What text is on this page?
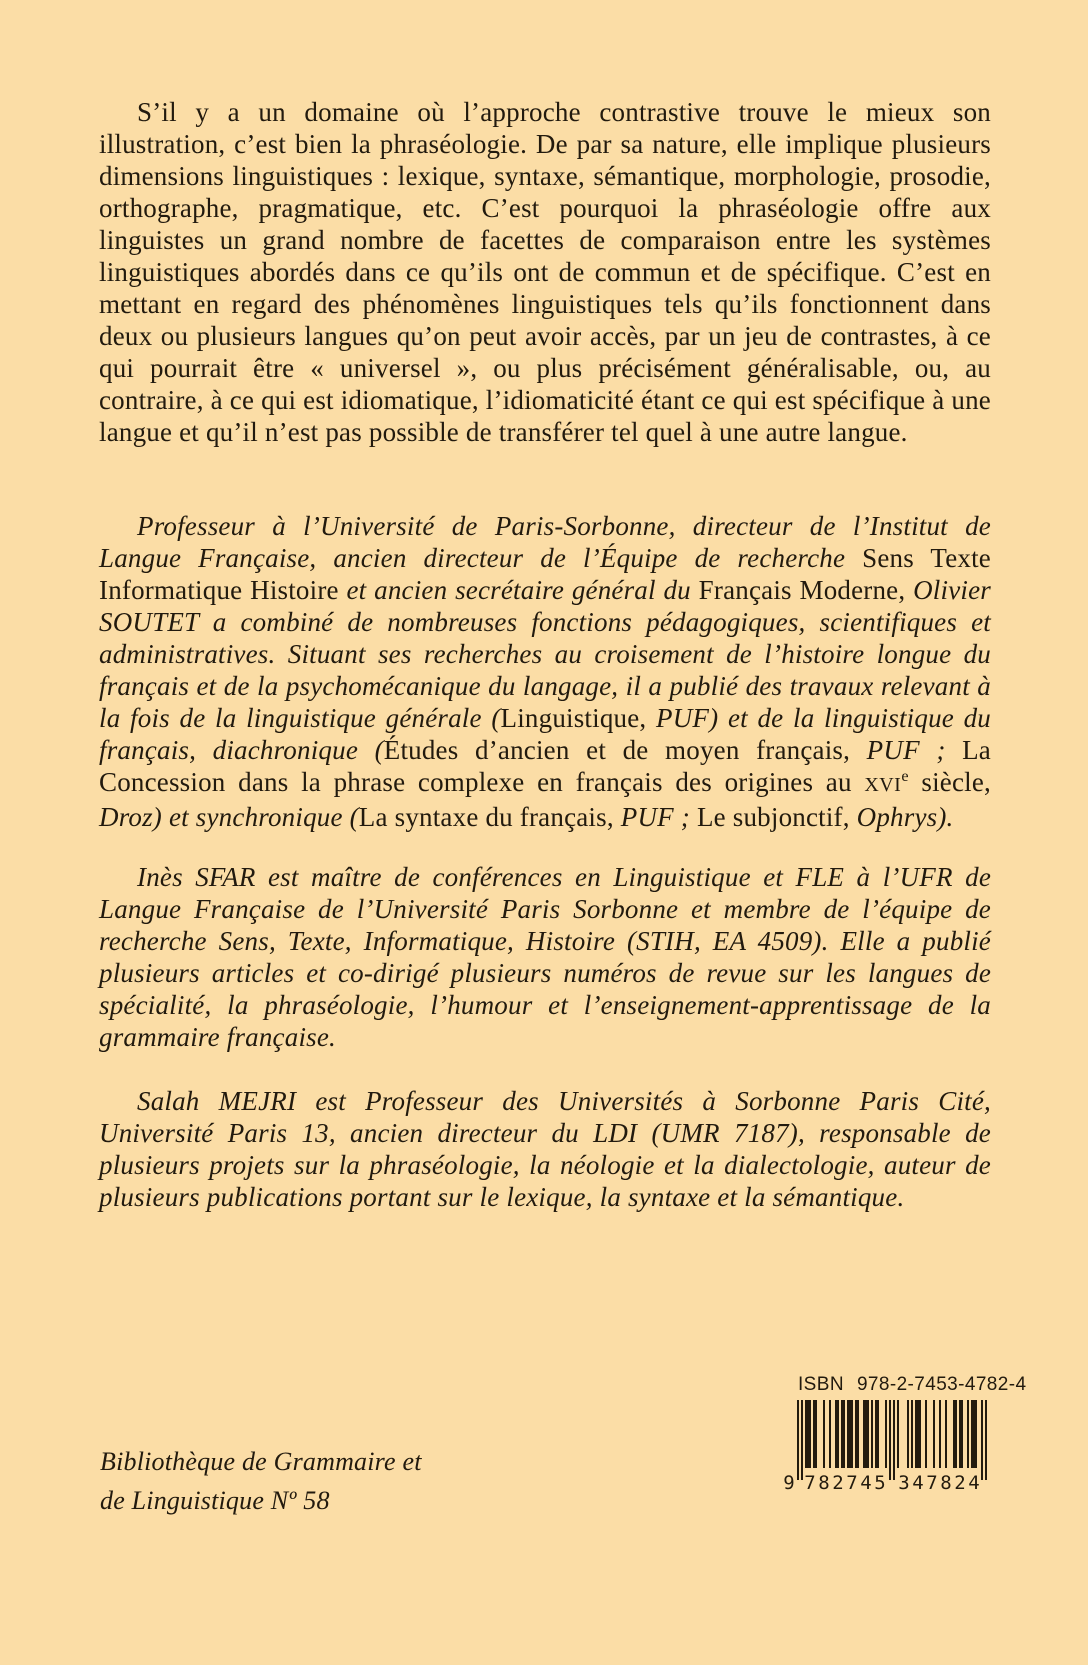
S’il y a un domaine où l’approche contrastive trouve le mieux son illustration, c’est bien la phraséologie. De par sa nature, elle implique plusieurs dimensions linguistiques : lexique, syntaxe, sémantique, morphologie, prosodie, orthographe, pragmatique, etc. C’est pourquoi la phraséologie offre aux linguistes un grand nombre de facettes de comparaison entre les systèmes linguistiques abordés dans ce qu’ils ont de commun et de spécifique. C’est en mettant en regard des phénomènes linguistiques tels qu’ils fonctionnent dans deux ou plusieurs langues qu’on peut avoir accès, par un jeu de contrastes, à ce qui pourrait être « universel », ou plus précisément généralisable, ou, au contraire, à ce qui est idiomatique, l’idiomaticité étant ce qui est spécifique à une langue et qu’il n’est pas possible de transférer tel quel à une autre langue.

Professeur à l’Université de Paris-Sorbonne, directeur de l’Institut de Langue Française, ancien directeur de l’Équipe de recherche Sens Texte Informatique Histoire et ancien secrétaire général du Français Moderne, Olivier SOUTET a combiné de nombreuses fonctions pédagogiques, scientifiques et administratives. Situant ses recherches au croisement de l’histoire longue du français et de la psychomécanique du langage, il a publié des travaux relevant à la fois de la linguistique générale (Linguistique, PUF) et de la linguistique du français, diachronique (Études d’ancien et de moyen français, PUF ; La Concession dans la phrase complexe en français des origines au XVIe siècle, Droz) et synchronique (La syntaxe du français, PUF ; Le subjonctif, Ophrys).

Inès SFAR est maître de conférences en Linguistique et FLE à l’UFR de Langue Française de l’Université Paris Sorbonne et membre de l’équipe de recherche Sens, Texte, Informatique, Histoire (STIH, EA 4509). Elle a publié plusieurs articles et co-dirigé plusieurs numéros de revue sur les langues de spécialité, la phraséologie, l’humour et l’enseignement-apprentissage de la grammaire française.

Salah MEJRI est Professeur des Universités à Sorbonne Paris Cité, Université Paris 13, ancien directeur du LDI (UMR 7187), responsable de plusieurs projets sur la phraséologie, la néologie et la dialectologie, auteur de plusieurs publications portant sur le lexique, la syntaxe et la sémantique.

Bibliothèque de Grammaire et
de Linguistique Nº 58
ISBN 978-2-7453-4782-4
9 7 8 2 7 4 5 3 4 7 8 2 4
